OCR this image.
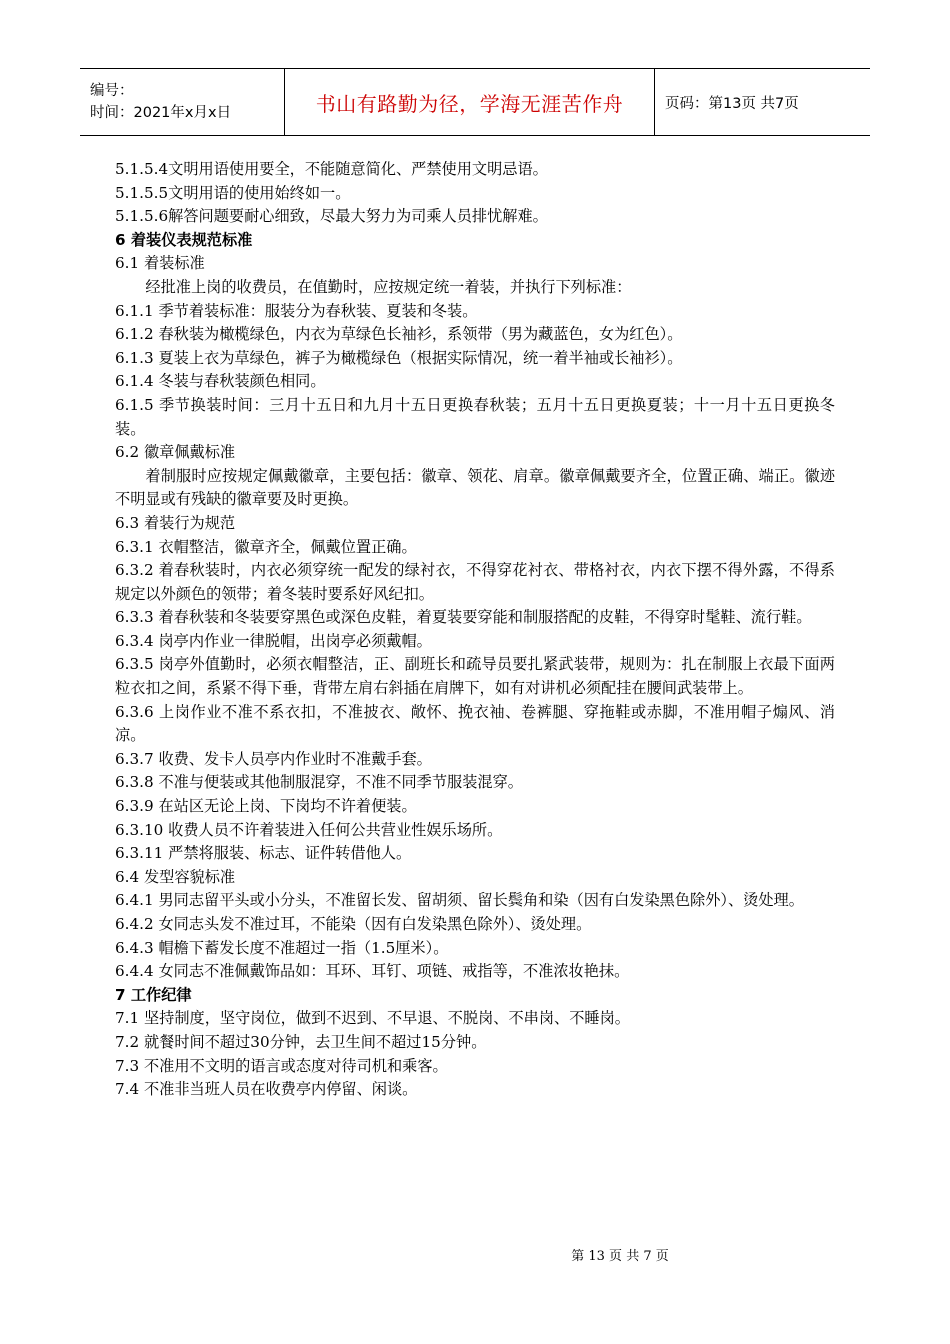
编号：
时间：2021年x月x日	书山有路勤为径，学海无涯苦作舟	页码：第13页 共7页
5.1.5.4文明用语使用要全，不能随意简化、严禁使用文明忌语。
5.1.5.5文明用语的使用始终如一。
5.1.5.6解答问题要耐心细致，尽最大努力为司乘人员排忧解难。
6 着装仪表规范标准
6.1 着装标准
经批准上岗的收费员，在值勤时，应按规定统一着装，并执行下列标准：
6.1.1 季节着装标准：服装分为春秋装、夏装和冬装。
6.1.2 春秋装为橄榄绿色，内衣为草绿色长袖衫，系领带（男为藏蓝色，女为红色）。
6.1.3 夏装上衣为草绿色，裤子为橄榄绿色（根据实际情况，统一着半袖或长袖衫）。
6.1.4 冬装与春秋装颜色相同。
6.1.5 季节换装时间：三月十五日和九月十五日更换春秋装；五月十五日更换夏装；十一月十五日更换冬装。
6.2 徽章佩戴标准
着制服时应按规定佩戴徽章，主要包括：徽章、领花、肩章。徽章佩戴要齐全，位置正确、端正。徽迹不明显或有残缺的徽章要及时更换。
6.3 着装行为规范
6.3.1 衣帽整洁，徽章齐全，佩戴位置正确。
6.3.2 着春秋装时，内衣必须穿统一配发的绿衬衣，不得穿花衬衣、带格衬衣，内衣下摆不得外露，不得系规定以外颜色的领带；着冬装时要系好风纪扣。
6.3.3 着春秋装和冬装要穿黑色或深色皮鞋，着夏装要穿能和制服搭配的皮鞋，不得穿时髦鞋、流行鞋。
6.3.4 岗亭内作业一律脱帽，出岗亭必须戴帽。
6.3.5 岗亭外值勤时，必须衣帽整洁，正、副班长和疏导员要扎紧武装带，规则为：扎在制服上衣最下面两粒衣扣之间，系紧不得下垂，背带左肩右斜插在肩牌下，如有对讲机必须配挂在腰间武装带上。
6.3.6 上岗作业不准不系衣扣，不准披衣、敞怀、挽衣袖、卷裤腿、穿拖鞋或赤脚，不准用帽子煽风、消凉。
6.3.7 收费、发卡人员亭内作业时不准戴手套。
6.3.8 不准与便装或其他制服混穿，不准不同季节服装混穿。
6.3.9 在站区无论上岗、下岗均不许着便装。
6.3.10 收费人员不许着装进入任何公共营业性娱乐场所。
6.3.11 严禁将服装、标志、证件转借他人。
6.4 发型容貌标准
6.4.1 男同志留平头或小分头，不准留长发、留胡须、留长鬓角和染（因有白发染黑色除外）、烫处理。
6.4.2 女同志头发不准过耳，不能染（因有白发染黑色除外）、烫处理。
6.4.3 帽檐下蓄发长度不准超过一指（1.5厘米）。
6.4.4 女同志不准佩戴饰品如：耳环、耳钉、项链、戒指等，不准浓妆艳抹。
7 工作纪律
7.1 坚持制度，坚守岗位，做到不迟到、不早退、不脱岗、不串岗、不睡岗。
7.2 就餐时间不超过30分钟，去卫生间不超过15分钟。
7.3 不准用不文明的语言或态度对待司机和乘客。
7.4 不准非当班人员在收费亭内停留、闲谈。
第 13 页 共 7 页
